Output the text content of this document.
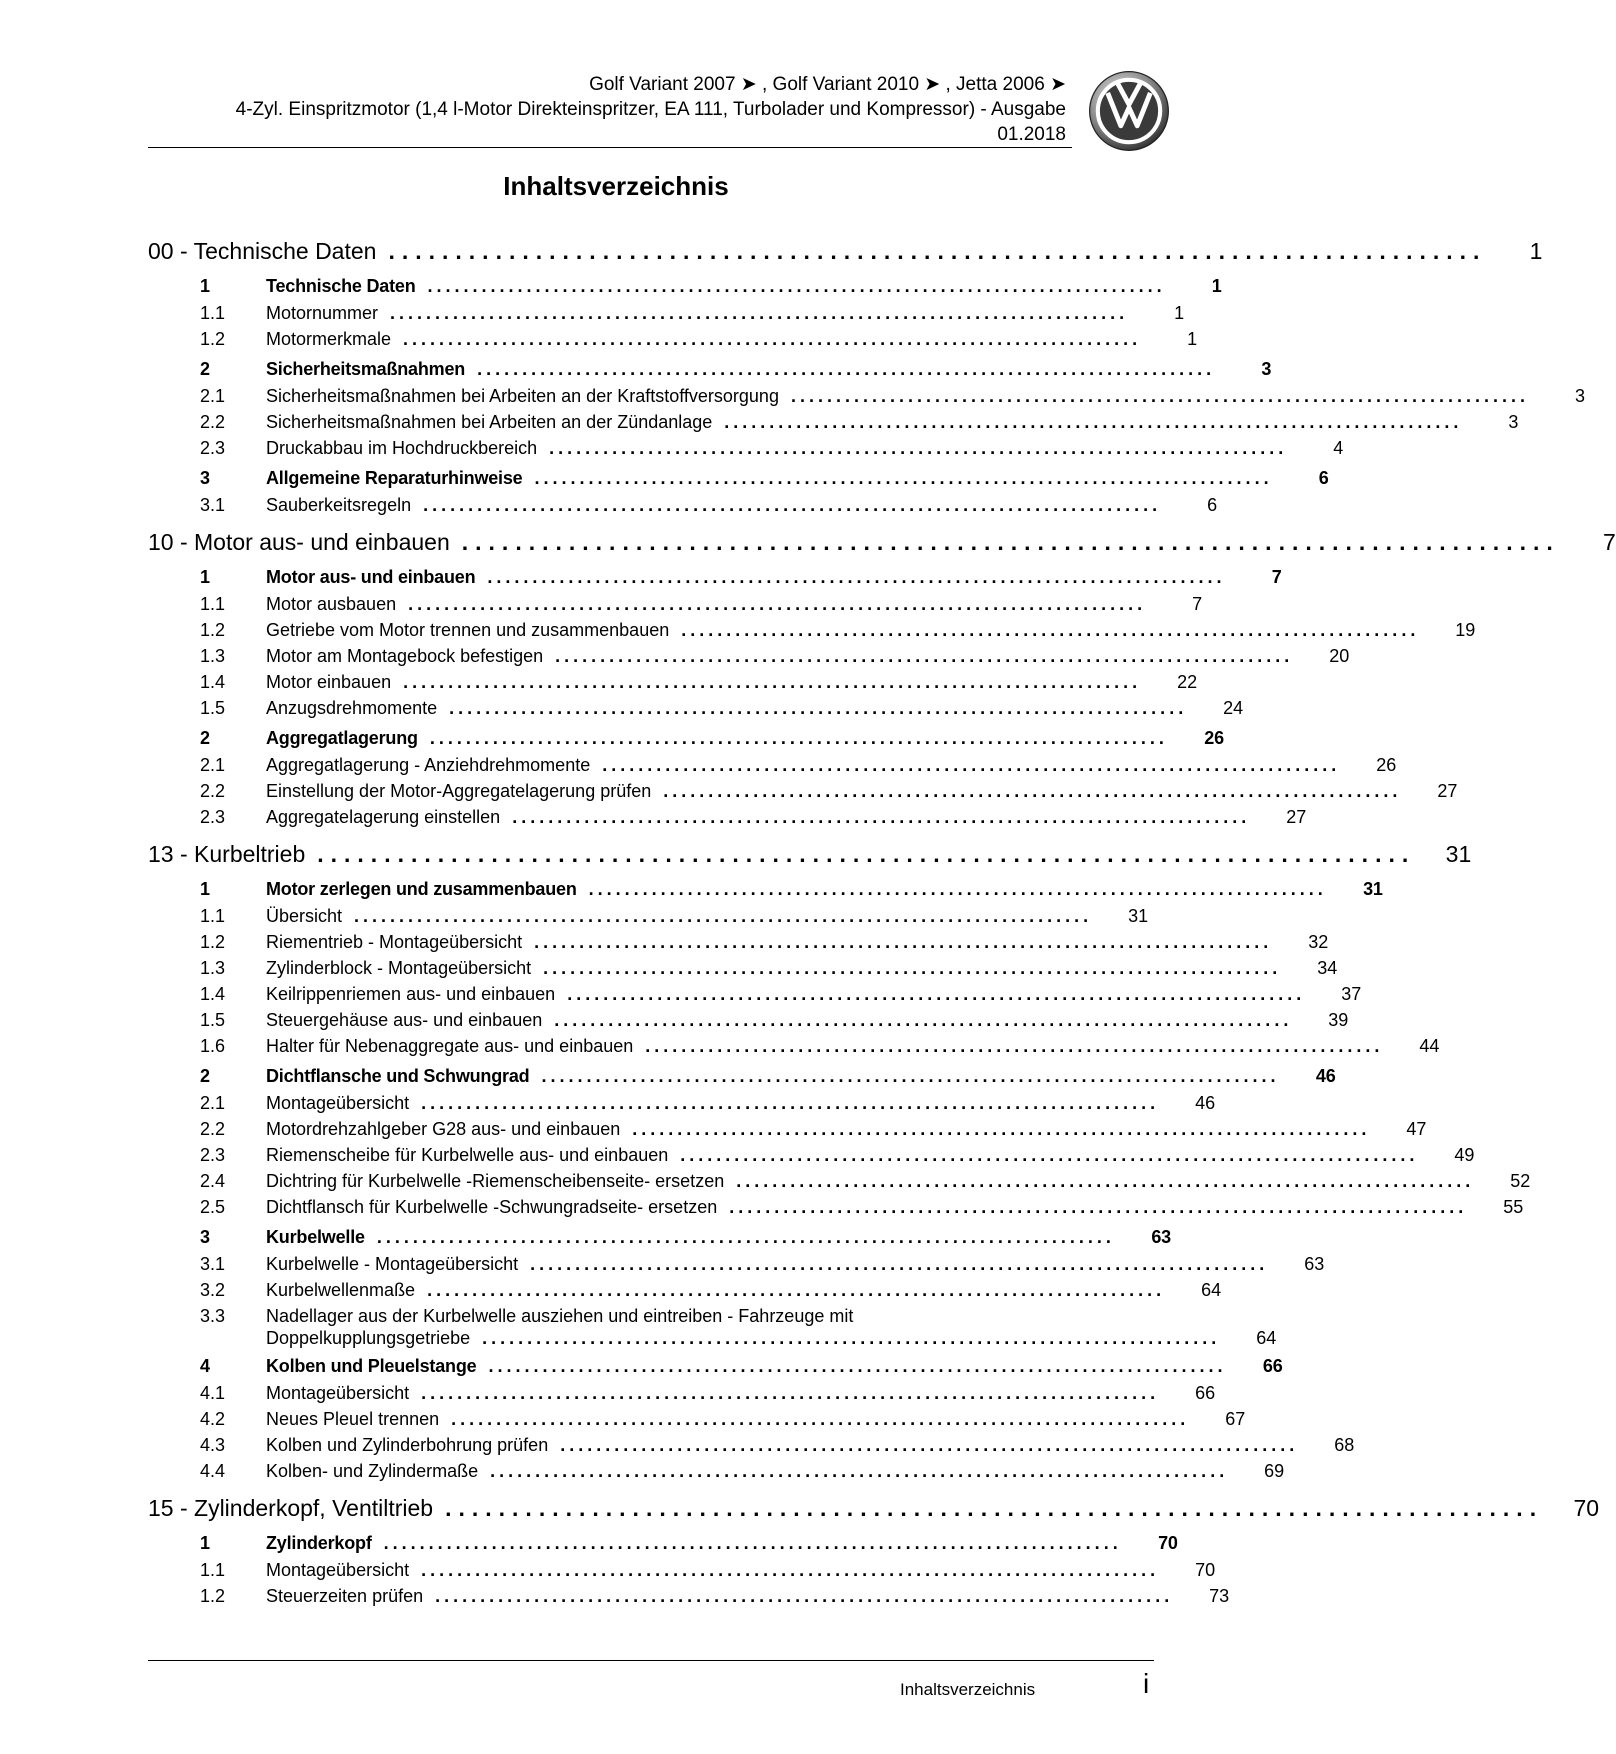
Golf Variant 2007 ➤ , Golf Variant 2010 ➤ , Jetta 2006 ➤
4-Zyl. Einspritzmotor (1,4 l-Motor Direkteinspritzer, EA 111, Turbolader und Kompressor) - Ausgabe
01.2018
Inhaltsverzeichnis
00 - Technische Daten ..................................................................................	1
1	Technische Daten ..................................................................................	1
1.1	Motornummer ..................................................................................	1
1.2	Motormerkmale ..................................................................................	1
2	Sicherheitsmaßnahmen ..................................................................................	3
2.1	Sicherheitsmaßnahmen bei Arbeiten an der Kraftstoffversorgung ..................................................................................	3
2.2	Sicherheitsmaßnahmen bei Arbeiten an der Zündanlage ..................................................................................	3
2.3	Druckabbau im Hochdruckbereich ..................................................................................	4
3	Allgemeine Reparaturhinweise ..................................................................................	6
3.1	Sauberkeitsregeln ..................................................................................	6
10 - Motor aus- und einbauen ..................................................................................	7
1	Motor aus- und einbauen ..................................................................................	7
1.1	Motor ausbauen ..................................................................................	7
1.2	Getriebe vom Motor trennen und zusammenbauen ..................................................................................	19
1.3	Motor am Montagebock befestigen ..................................................................................	20
1.4	Motor einbauen ..................................................................................	22
1.5	Anzugsdrehmomente ..................................................................................	24
2	Aggregatlagerung ..................................................................................	26
2.1	Aggregatlagerung - Anziehdrehmomente ..................................................................................	26
2.2	Einstellung der Motor-Aggregatelagerung prüfen ..................................................................................	27
2.3	Aggregatelagerung einstellen ..................................................................................	27
13 - Kurbeltrieb ..................................................................................	31
1	Motor zerlegen und zusammenbauen ..................................................................................	31
1.1	Übersicht ..................................................................................	31
1.2	Riementrieb - Montageübersicht ..................................................................................	32
1.3	Zylinderblock - Montageübersicht ..................................................................................	34
1.4	Keilrippenriemen aus- und einbauen ..................................................................................	37
1.5	Steuergehäuse aus- und einbauen ..................................................................................	39
1.6	Halter für Nebenaggregate aus- und einbauen ..................................................................................	44
2	Dichtflansche und Schwungrad ..................................................................................	46
2.1	Montageübersicht ..................................................................................	46
2.2	Motordrehzahlgeber G28 aus- und einbauen ..................................................................................	47
2.3	Riemenscheibe für Kurbelwelle aus- und einbauen ..................................................................................	49
2.4	Dichtring für Kurbelwelle -Riemenscheibenseite- ersetzen ..................................................................................	52
2.5	Dichtflansch für Kurbelwelle -Schwungradseite- ersetzen ..................................................................................	55
3	Kurbelwelle ..................................................................................	63
3.1	Kurbelwelle - Montageübersicht ..................................................................................	63
3.2	Kurbelwellenmaße ..................................................................................	64
3.3	Nadellager aus der Kurbelwelle ausziehen und eintreiben - Fahrzeuge mit
Doppelkupplungsgetriebe ..................................................................................	64
4	Kolben und Pleuelstange ..................................................................................	66
4.1	Montageübersicht ..................................................................................	66
4.2	Neues Pleuel trennen ..................................................................................	67
4.3	Kolben und Zylinderbohrung prüfen ..................................................................................	68
4.4	Kolben- und Zylindermaße ..................................................................................	69
15 - Zylinderkopf, Ventiltrieb ..................................................................................	70
1	Zylinderkopf ..................................................................................	70
1.1	Montageübersicht ..................................................................................	70
1.2	Steuerzeiten prüfen ..................................................................................	73
Inhaltsverzeichnis	i
